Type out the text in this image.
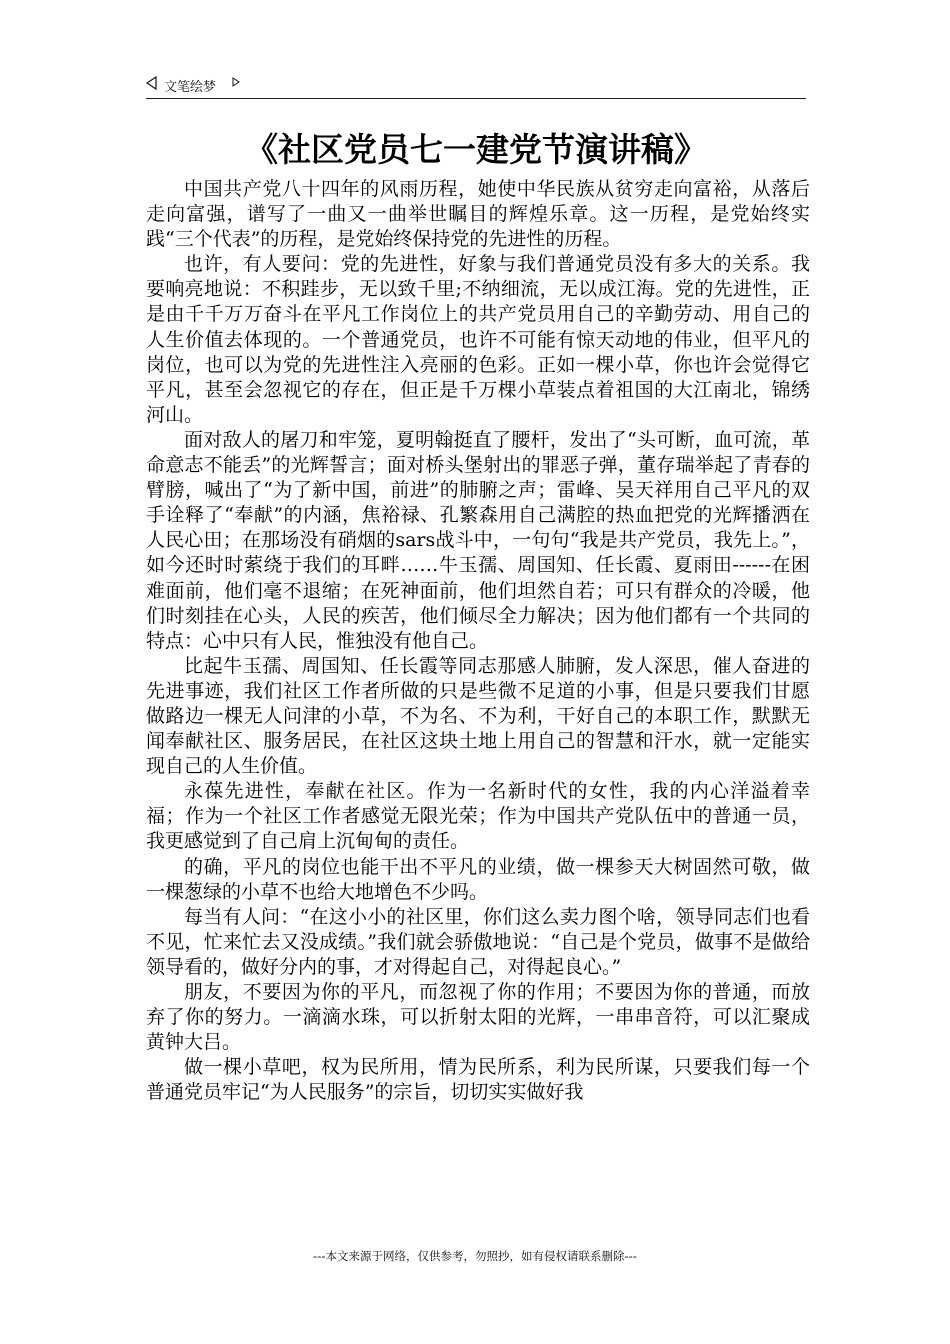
文笔绘梦
《社区党员七一建党节演讲稿》

中国共产党八十四年的风雨历程，她使中华民族从贫穷走向富裕，从落后走向富强，谱写了一曲又一曲举世瞩目的辉煌乐章。这一历程，是党始终实践“三个代表”的历程，是党始终保持党的先进性的历程。

也许，有人要问：党的先进性，好象与我们普通党员没有多大的关系。我要响亮地说：不积跬步，无以致千里;不纳细流，无以成江海。党的先进性，正是由千千万万奋斗在平凡工作岗位上的共产党员用自己的辛勤劳动、用自己的人生价值去体现的。一个普通党员，也许不可能有惊天动地的伟业，但平凡的岗位，也可以为党的先进性注入亮丽的色彩。正如一棵小草，你也许会觉得它平凡，甚至会忽视它的存在，但正是千万棵小草装点着祖国的大江南北，锦绣河山。

面对敌人的屠刀和牢笼，夏明翰挺直了腰杆，发出了“头可断，血可流，革命意志不能丢”的光辉誓言；面对桥头堡射出的罪恶子弹，董存瑞举起了青春的臂膀，喊出了“为了新中国，前进”的肺腑之声；雷峰、吴天祥用自己平凡的双手诠释了“奉献”的内涵，焦裕禄、孔繁森用自己满腔的热血把党的光辉播洒在人民心田；在那场没有硝烟的sars战斗中，一句句“我是共产党员，我先上。”，如今还时时萦绕于我们的耳畔……牛玉孺、周国知、任长霞、夏雨田------在困难面前，他们毫不退缩；在死神面前，他们坦然自若；可只有群众的冷暖，他们时刻挂在心头，人民的疾苦，他们倾尽全力解决；因为他们都有一个共同的特点：心中只有人民，惟独没有他自己。

比起牛玉孺、周国知、任长霞等同志那感人肺腑，发人深思，催人奋进的先进事迹，我们社区工作者所做的只是些微不足道的小事，但是只要我们甘愿做路边一棵无人问津的小草，不为名、不为利，干好自己的本职工作，默默无闻奉献社区、服务居民，在社区这块土地上用自己的智慧和汗水，就一定能实现自己的人生价值。

永葆先进性，奉献在社区。作为一名新时代的女性，我的内心洋溢着幸福；作为一个社区工作者感觉无限光荣；作为中国共产党队伍中的普通一员，我更感觉到了自己肩上沉甸甸的责任。

的确，平凡的岗位也能干出不平凡的业绩，做一棵参天大树固然可敬，做一棵葱绿的小草不也给大地增色不少吗。

每当有人问：“在这小小的社区里，你们这么卖力图个啥，领导同志们也看不见，忙来忙去又没成绩。”我们就会骄傲地说：“自己是个党员，做事不是做给领导看的，做好分内的事，才对得起自己，对得起良心。”

朋友，不要因为你的平凡，而忽视了你的作用；不要因为你的普通，而放弃了你的努力。一滴滴水珠，可以折射太阳的光辉，一串串音符，可以汇聚成黄钟大吕。

做一棵小草吧，权为民所用，情为民所系，利为民所谋，只要我们每一个普通党员牢记“为人民服务”的宗旨，切切实实做好我

---本文来源于网络，仅供参考，勿照抄，如有侵权请联系删除---
